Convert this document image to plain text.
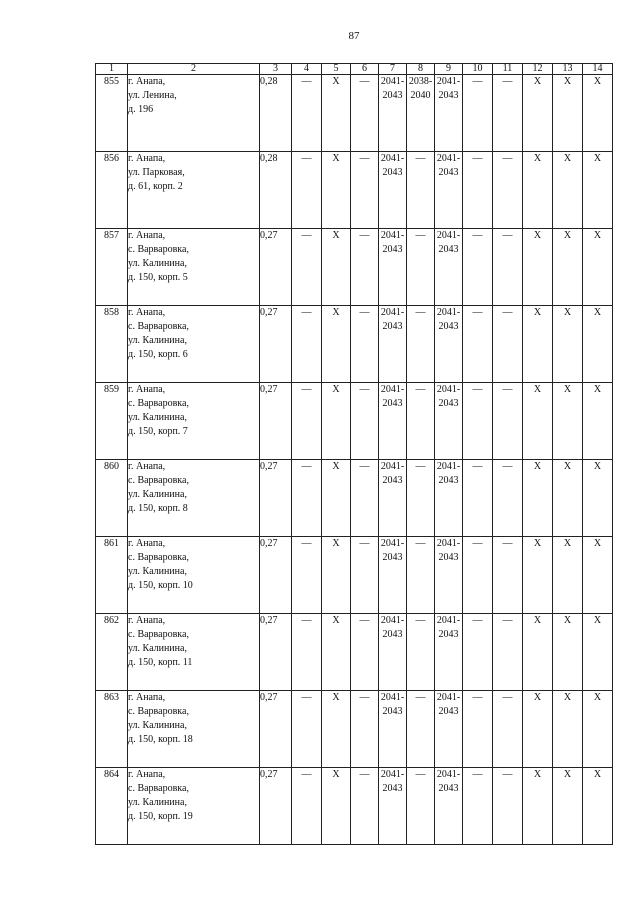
87
1	2	3	4	5	6	7	8	9	10	11	12	13	14
855	г. Анапа,
ул. Ленина,
д. 196	0,28	—	Х	—	2041-
2043	2038-
2040	2041-
2043	—	—	Х	Х	Х
856	г. Анапа,
ул. Парковая,
д. 61, корп. 2	0,28	—	Х	—	2041-
2043	—	2041-
2043	—	—	Х	Х	Х
857	г. Анапа,
с. Варваровка,
ул. Калинина,
д. 150, корп. 5	0,27	—	Х	—	2041-
2043	—	2041-
2043	—	—	Х	Х	Х
858	г. Анапа,
с. Варваровка,
ул. Калинина,
д. 150, корп. 6	0,27	—	Х	—	2041-
2043	—	2041-
2043	—	—	Х	Х	Х
859	г. Анапа,
с. Варваровка,
ул. Калинина,
д. 150, корп. 7	0,27	—	Х	—	2041-
2043	—	2041-
2043	—	—	Х	Х	Х
860	г. Анапа,
с. Варваровка,
ул. Калинина,
д. 150, корп. 8	0,27	—	Х	—	2041-
2043	—	2041-
2043	—	—	Х	Х	Х
861	г. Анапа,
с. Варваровка,
ул. Калинина,
д. 150, корп. 10	0,27	—	Х	—	2041-
2043	—	2041-
2043	—	—	Х	Х	Х
862	г. Анапа,
с. Варваровка,
ул. Калинина,
д. 150, корп. 11	0,27	—	Х	—	2041-
2043	—	2041-
2043	—	—	Х	Х	Х
863	г. Анапа,
с. Варваровка,
ул. Калинина,
д. 150, корп. 18	0,27	—	Х	—	2041-
2043	—	2041-
2043	—	—	Х	Х	Х
864	г. Анапа,
с. Варваровка,
ул. Калинина,
д. 150, корп. 19	0,27	—	Х	—	2041-
2043	—	2041-
2043	—	—	Х	Х	Х
